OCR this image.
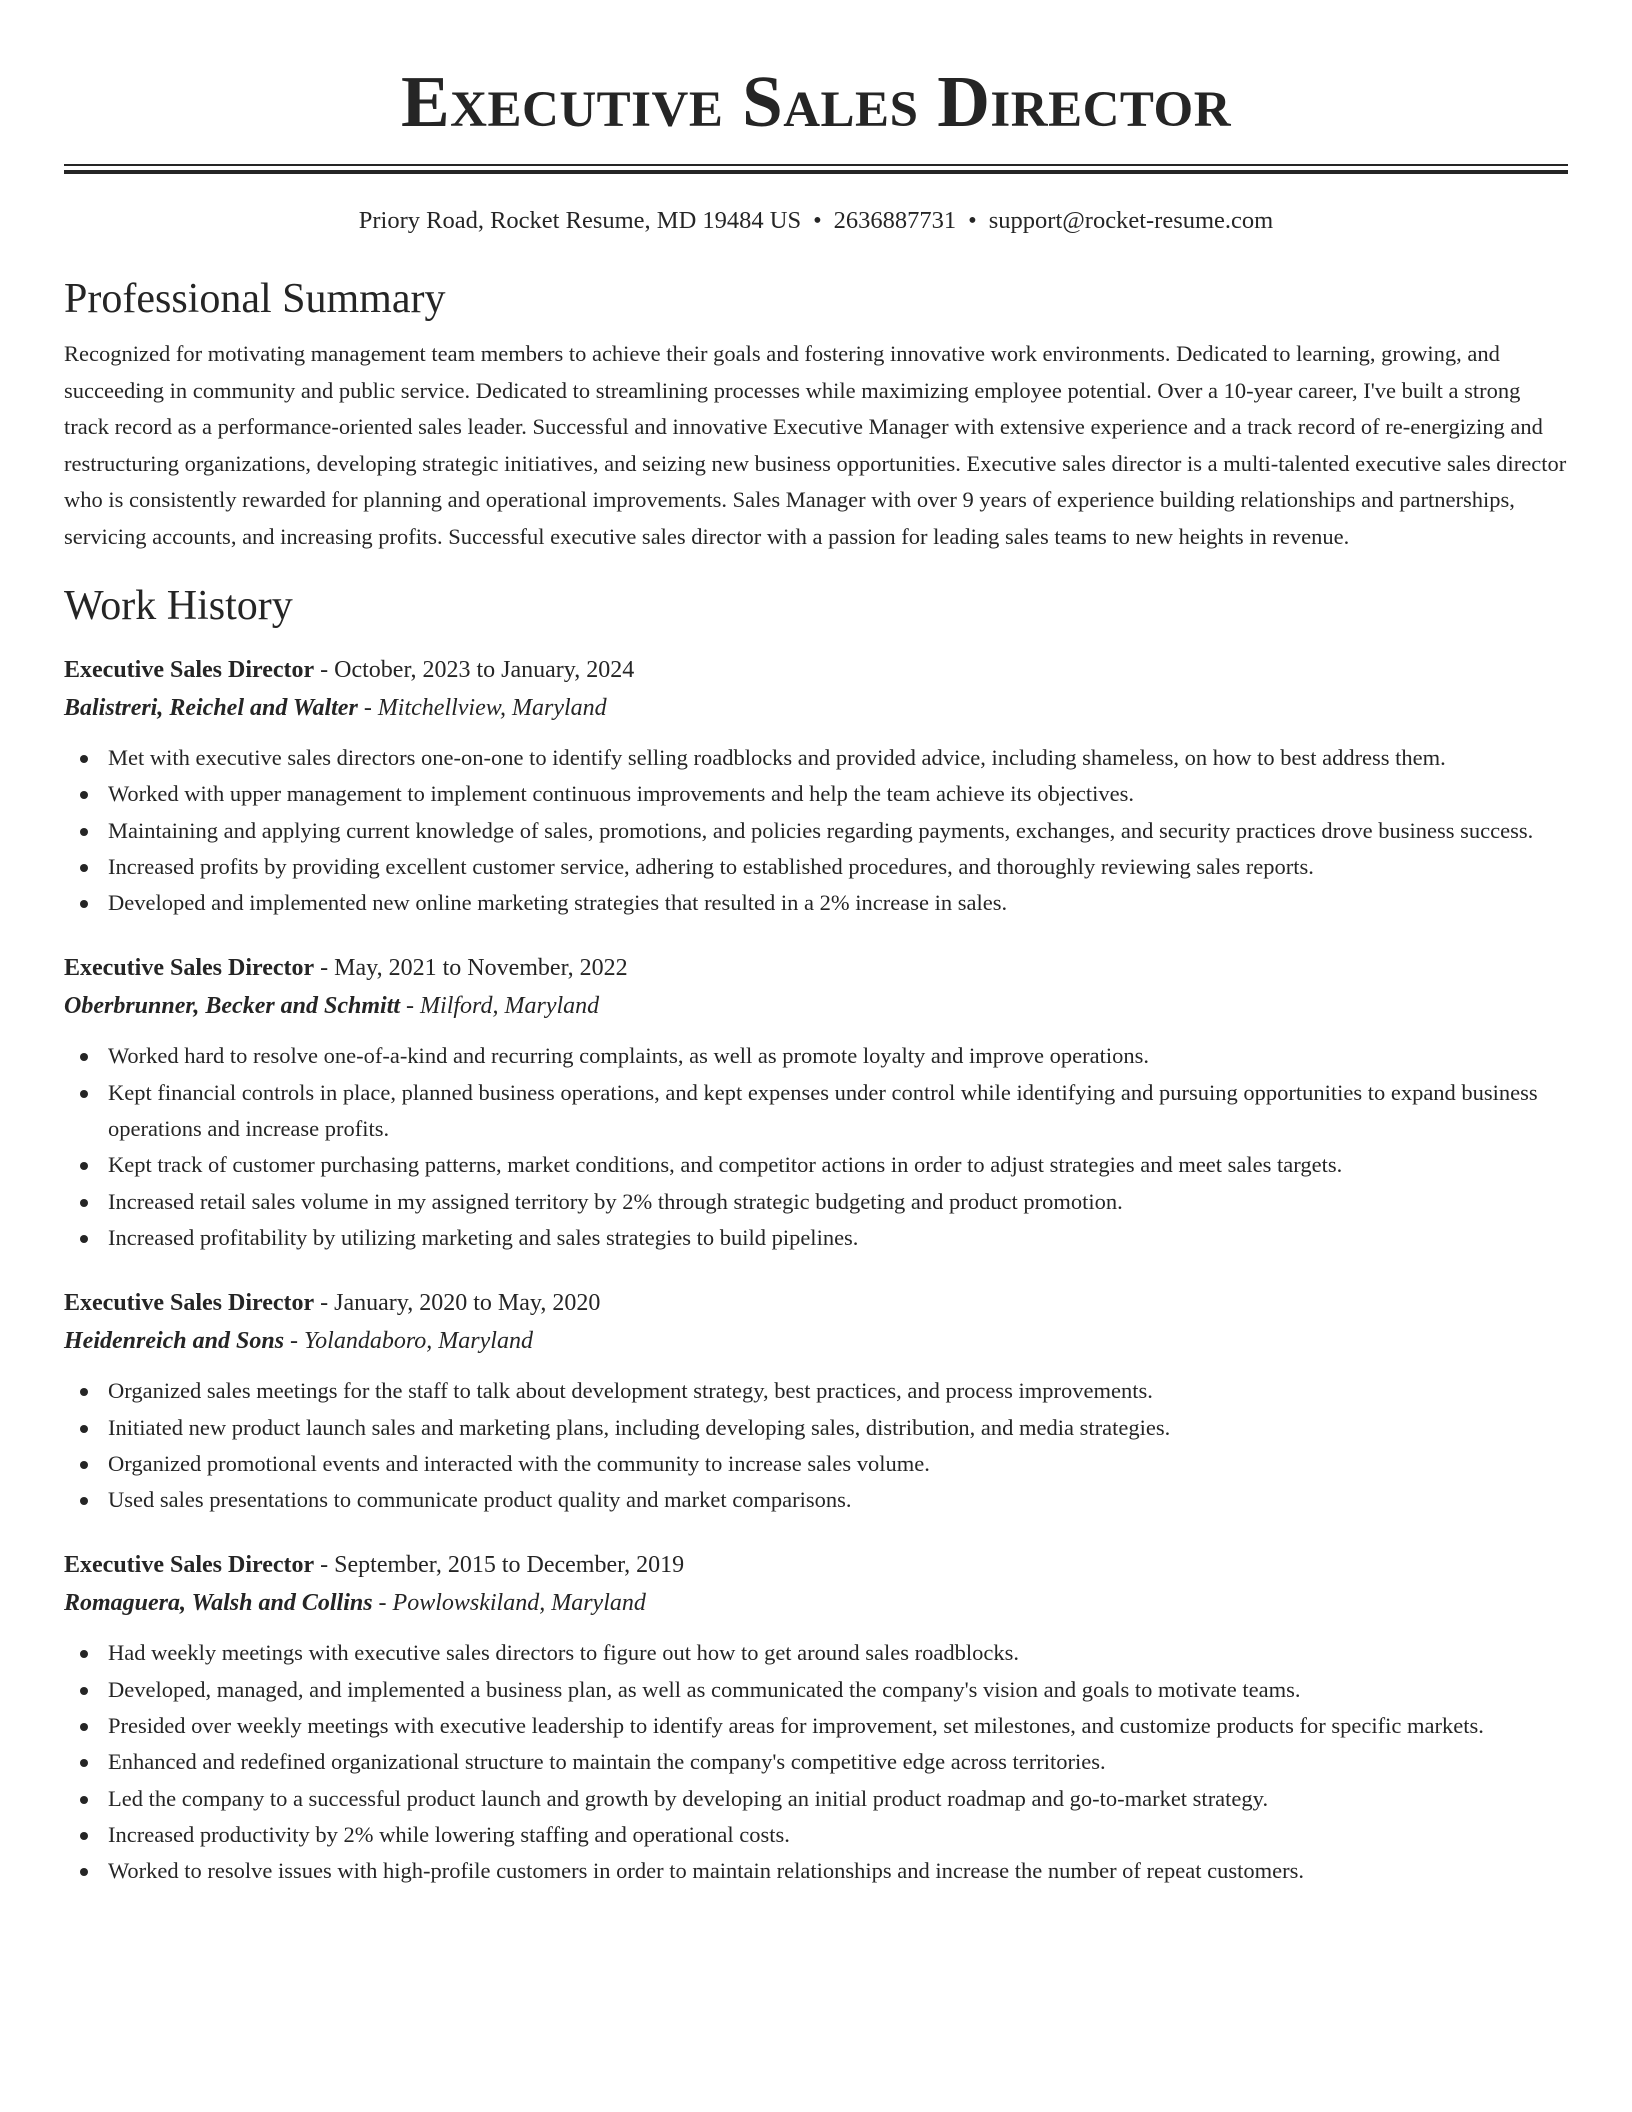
Executive Sales Director
Priory Road, Rocket Resume, MD 19484 US • 2636887731 • support@rocket-resume.com
Professional Summary

Recognized for motivating management team members to achieve their goals and fostering innovative work environments. Dedicated to learning, growing, and succeeding in community and public service. Dedicated to streamlining processes while maximizing employee potential. Over a 10-year career, I've built a strong track record as a performance-oriented sales leader. Successful and innovative Executive Manager with extensive experience and a track record of re-energizing and restructuring organizations, developing strategic initiatives, and seizing new business opportunities. Executive sales director is a multi-talented executive sales director who is consistently rewarded for planning and operational improvements. Sales Manager with over 9 years of experience building relationships and partnerships, servicing accounts, and increasing profits. Successful executive sales director with a passion for leading sales teams to new heights in revenue.

Work History
Executive Sales Director - October, 2023 to January, 2024
Balistreri, Reichel and Walter - Mitchellview, Maryland
Met with executive sales directors one-on-one to identify selling roadblocks and provided advice, including shameless, on how to best address them.
Worked with upper management to implement continuous improvements and help the team achieve its objectives.
Maintaining and applying current knowledge of sales, promotions, and policies regarding payments, exchanges, and security practices drove business success.
Increased profits by providing excellent customer service, adhering to established procedures, and thoroughly reviewing sales reports.
Developed and implemented new online marketing strategies that resulted in a 2% increase in sales.
Executive Sales Director - May, 2021 to November, 2022
Oberbrunner, Becker and Schmitt - Milford, Maryland
Worked hard to resolve one-of-a-kind and recurring complaints, as well as promote loyalty and improve operations.
Kept financial controls in place, planned business operations, and kept expenses under control while identifying and pursuing opportunities to expand business operations and increase profits.
Kept track of customer purchasing patterns, market conditions, and competitor actions in order to adjust strategies and meet sales targets.
Increased retail sales volume in my assigned territory by 2% through strategic budgeting and product promotion.
Increased profitability by utilizing marketing and sales strategies to build pipelines.
Executive Sales Director - January, 2020 to May, 2020
Heidenreich and Sons - Yolandaboro, Maryland
Organized sales meetings for the staff to talk about development strategy, best practices, and process improvements.
Initiated new product launch sales and marketing plans, including developing sales, distribution, and media strategies.
Organized promotional events and interacted with the community to increase sales volume.
Used sales presentations to communicate product quality and market comparisons.
Executive Sales Director - September, 2015 to December, 2019
Romaguera, Walsh and Collins - Powlowskiland, Maryland
Had weekly meetings with executive sales directors to figure out how to get around sales roadblocks.
Developed, managed, and implemented a business plan, as well as communicated the company's vision and goals to motivate teams.
Presided over weekly meetings with executive leadership to identify areas for improvement, set milestones, and customize products for specific markets.
Enhanced and redefined organizational structure to maintain the company's competitive edge across territories.
Led the company to a successful product launch and growth by developing an initial product roadmap and go-to-market strategy.
Increased productivity by 2% while lowering staffing and operational costs.
Worked to resolve issues with high-profile customers in order to maintain relationships and increase the number of repeat customers.
